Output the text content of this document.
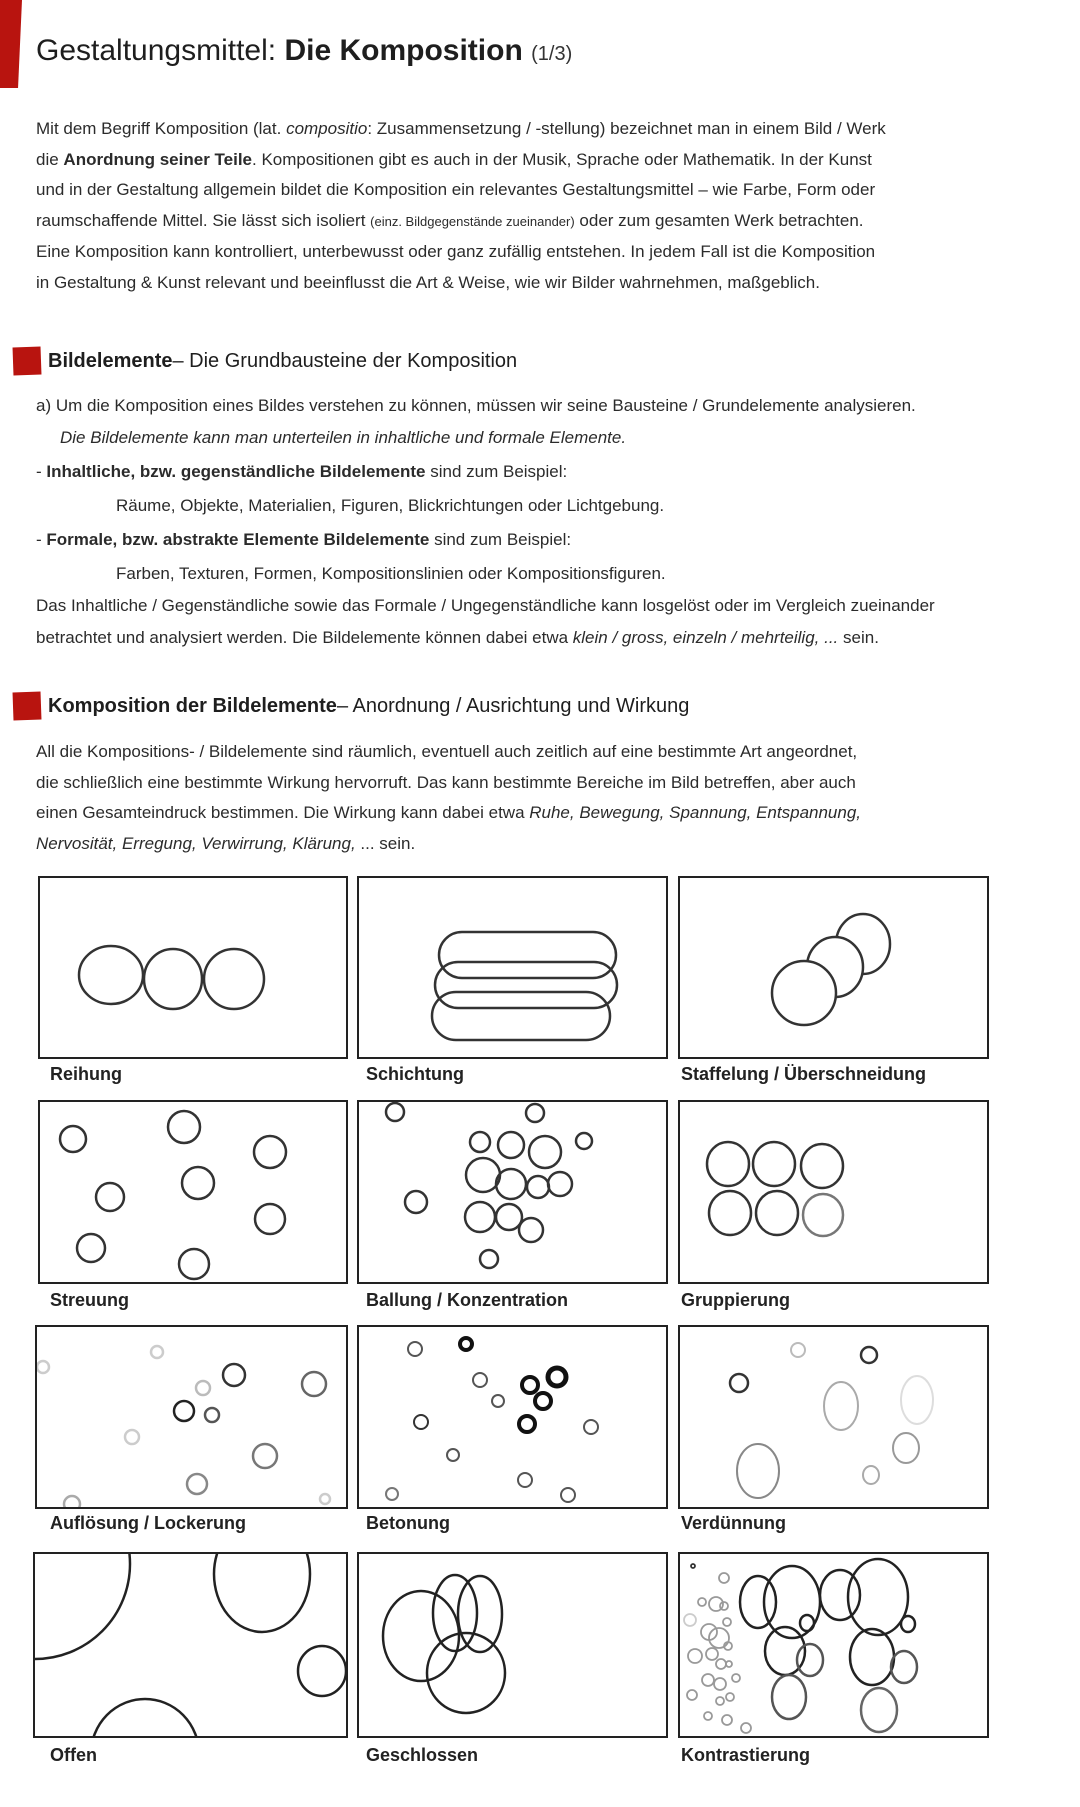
Gestaltungsmittel: Die Komposition (1/3)

Mit dem Begriff Komposition (lat. compositio: Zusammensetzung / -stellung) bezeichnet man in einem Bild / Werk

die Anordnung seiner Teile. Kompositionen gibt es auch in der Musik, Sprache oder Mathematik. In der Kunst

und in der Gestaltung allgemein bildet die Komposition ein relevantes Gestaltungsmittel – wie Farbe, Form oder

raumschaffende Mittel. Sie lässt sich isoliert (einz. Bildgegenstände zueinander) oder zum gesamten Werk betrachten.

Eine Komposition kann kontrolliert, unterbewusst oder ganz zufällig entstehen. In jedem Fall ist die Komposition

in Gestaltung & Kunst relevant und beeinflusst die Art & Weise, wie wir Bilder wahrnehmen, maßgeblich.

Bildelemente – Die Grundbausteine der Komposition

a) Um die Komposition eines Bildes verstehen zu können, müssen wir seine Bausteine / Grundelemente analysieren.

Die Bildelemente kann man unterteilen in inhaltliche und formale Elemente.

- Inhaltliche, bzw. gegenständliche Bildelemente sind zum Beispiel:

Räume, Objekte, Materialien, Figuren, Blickrichtungen oder Lichtgebung.

- Formale, bzw. abstrakte Elemente Bildelemente sind zum Beispiel:

Farben, Texturen, Formen, Kompositionslinien oder Kompositionsfiguren.

Das Inhaltliche / Gegenständliche sowie das Formale / Ungegenständliche kann losgelöst oder im Vergleich zueinander

betrachtet und analysiert werden. Die Bildelemente können dabei etwa klein / gross, einzeln / mehrteilig, ... sein.

Komposition der Bildelemente – Anordnung / Ausrichtung und Wirkung

All die Kompositions- / Bildelemente sind räumlich, eventuell auch zeitlich auf eine bestimmte Art angeordnet,

die schließlich eine bestimmte Wirkung hervorruft. Das kann bestimmte Bereiche im Bild betreffen, aber auch

einen Gesamteindruck bestimmen. Die Wirkung kann dabei etwa Ruhe, Bewegung, Spannung, Entspannung,

Nervosität, Erregung, Verwirrung, Klärung, ... sein.

Reihung	Schichtung	Staffelung / Überschneidung
Streuung	Ballung / Konzentration	Gruppierung
Auflösung / Lockerung	Betonung	Verdünnung
Offen	Geschlossen	Kontrastierung
